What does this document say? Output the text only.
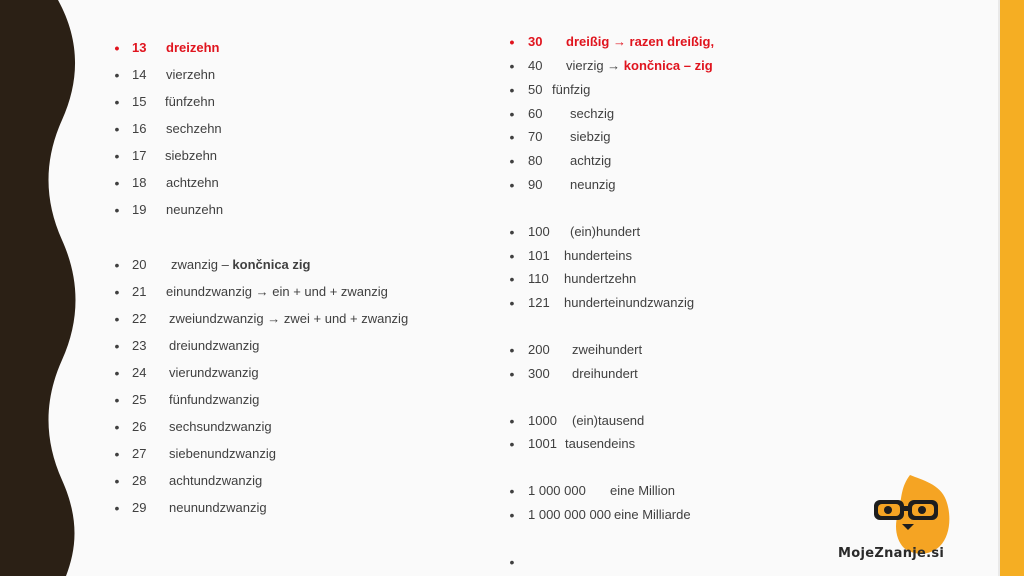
• 13 dreizehn
• 14 vierzehn
• 15 fünfzehn
• 16 sechzehn
• 17 siebzehn
• 18 achtzehn
• 19 neunzehn
• 20 zwanzig – končnica zig
• 21 einundzwanzig → ein + und + zwanzig
• 22 zweiundzwanzig → zwei + und + zwanzig
• 23 dreiundzwanzig
• 24 vierundzwanzig
• 25 fünfundzwanzig
• 26 sechsundzwanzig
• 27 siebenundzwanzig
• 28 achtundzwanzig
• 29 neunundzwanzig
• 30 dreißig → razen dreißig,
• 40 vierzig → končnica – zig
• 50 fünfzig
• 60 sechzig
• 70 siebzig
• 80 achtzig
• 90 neunzig
• 100 (ein)hundert
• 101 hunderteins
• 110 hundertzehn
• 121 hunderteinundzwanzig
• 200 zweihundert
• 300 dreihundert
• 1000 (ein)tausend
• 1001 tausendeins
• 1 000 000 eine Million
• 1 000 000 000 eine Milliarde
•
MojeZnanje.si
